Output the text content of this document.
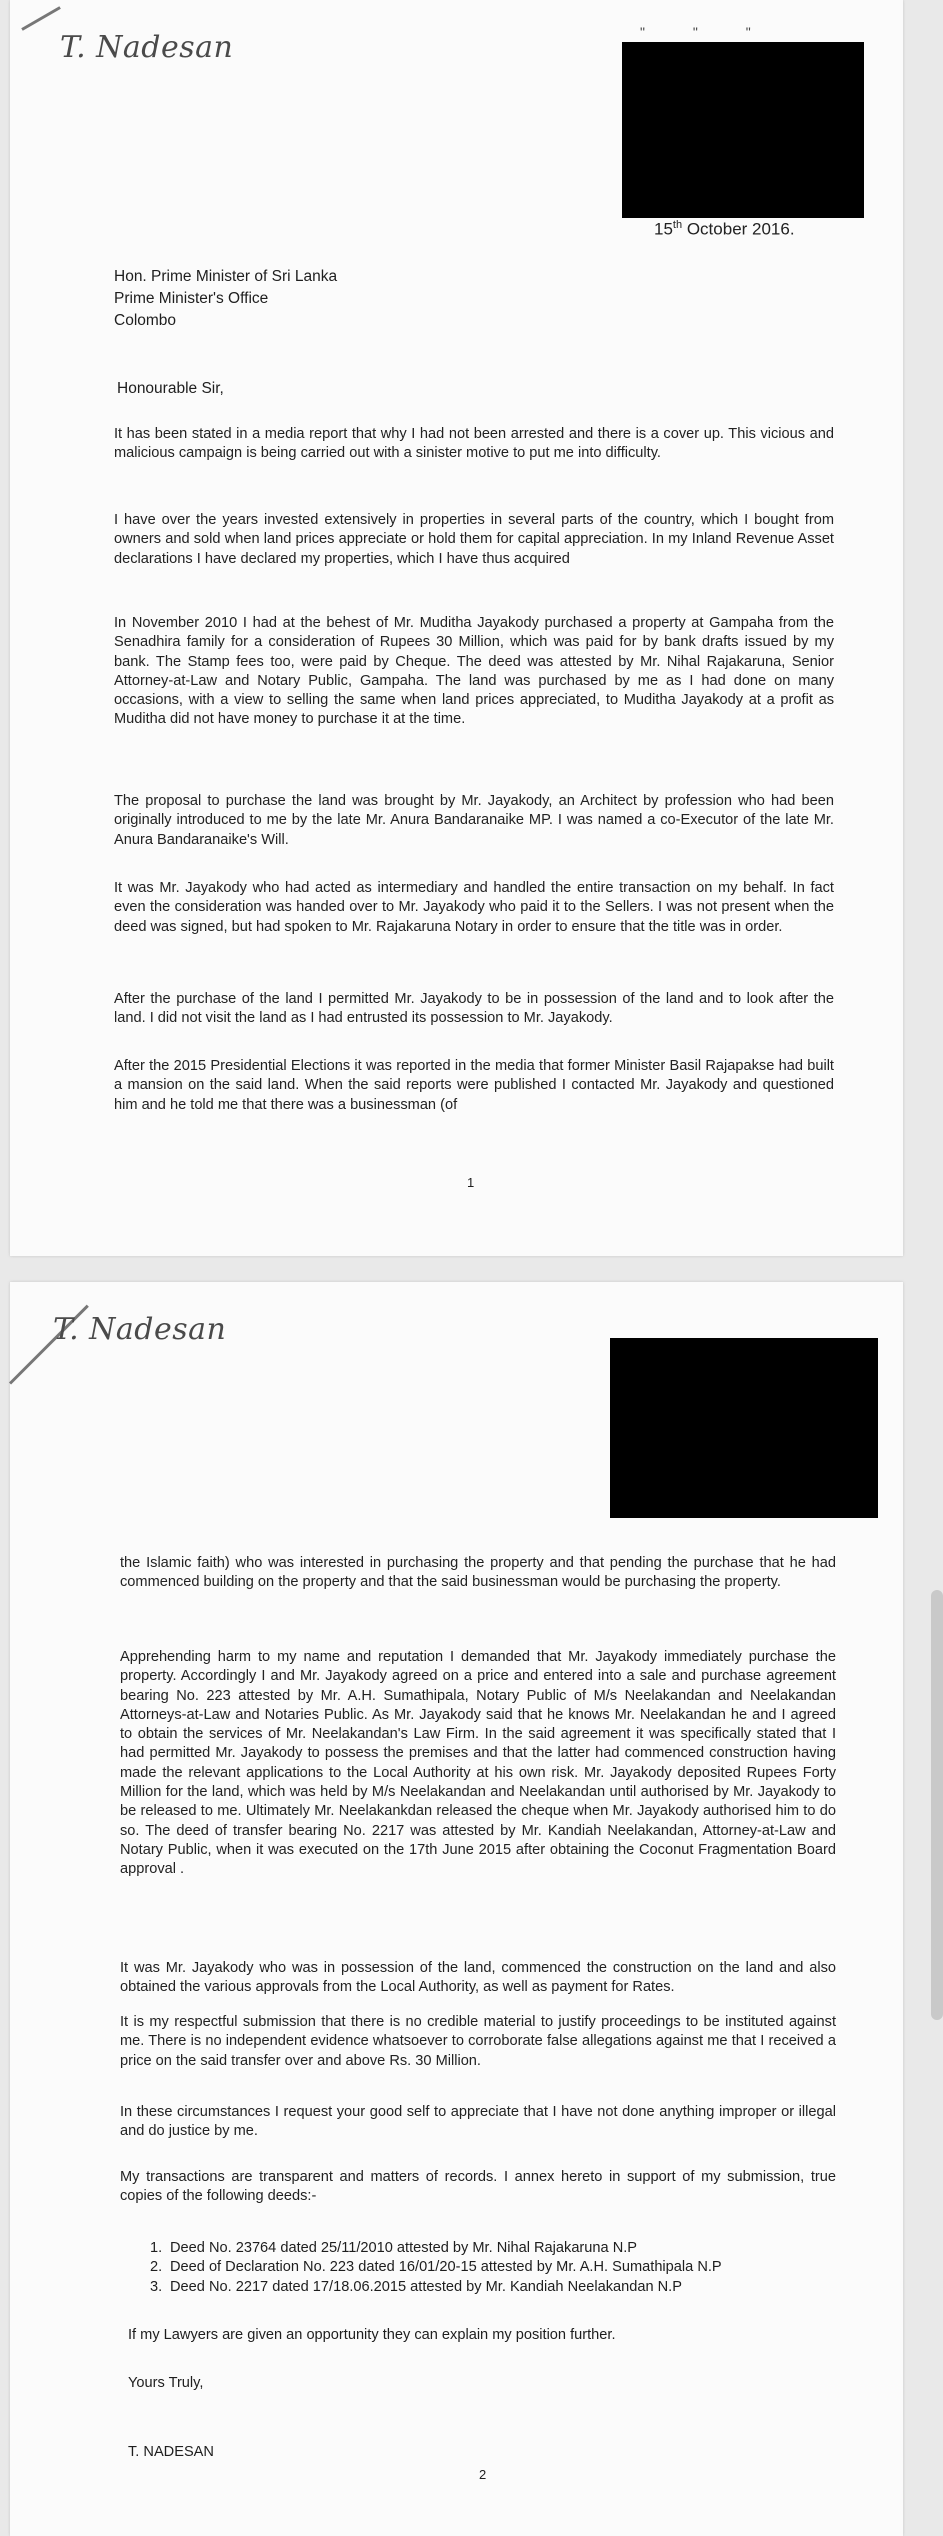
T. Nadesan	" " "
15th October 2016.
Hon. Prime Minister of Sri Lanka
Prime Minister's Office
Colombo
Honourable Sir,
It has been stated in a media report that why I had not been arrested and there is a cover up. This vicious and malicious campaign is being carried out with a sinister motive to put me into difficulty.
I have over the years invested extensively in properties in several parts of the country, which I bought from owners and sold when land prices appreciate or hold them for capital appreciation. In my Inland Revenue Asset declarations I have declared my properties, which I have thus acquired
In November 2010 I had at the behest of Mr. Muditha Jayakody purchased a property at Gampaha from the Senadhira family for a consideration of Rupees 30 Million, which was paid for by bank drafts issued by my bank. The Stamp fees too, were paid by Cheque. The deed was attested by Mr. Nihal Rajakaruna, Senior Attorney-at-Law and Notary Public, Gampaha. The land was purchased by me as I had done on many occasions, with a view to selling the same when land prices appreciated, to Muditha Jayakody at a profit as Muditha did not have money to purchase it at the time.
The proposal to purchase the land was brought by Mr. Jayakody, an Architect by profession who had been originally introduced to me by the late Mr. Anura Bandaranaike MP. I was named a co-Executor of the late Mr. Anura Bandaranaike's Will.
It was Mr. Jayakody who had acted as intermediary and handled the entire transaction on my behalf. In fact even the consideration was handed over to Mr. Jayakody who paid it to the Sellers. I was not present when the deed was signed, but had spoken to Mr. Rajakaruna Notary in order to ensure that the title was in order.
After the purchase of the land I permitted Mr. Jayakody to be in possession of the land and to look after the land. I did not visit the land as I had entrusted its possession to Mr. Jayakody.
After the 2015 Presidential Elections it was reported in the media that former Minister Basil Rajapakse had built a mansion on the said land. When the said reports were published I contacted Mr. Jayakody and questioned him and he told me that there was a businessman (of
1
T. Nadesan
the Islamic faith) who was interested in purchasing the property and that pending the purchase that he had commenced building on the property and that the said businessman would be purchasing the property.
Apprehending harm to my name and reputation I demanded that Mr. Jayakody immediately purchase the property. Accordingly I and Mr. Jayakody agreed on a price and entered into a sale and purchase agreement bearing No. 223 attested by Mr. A.H. Sumathipala, Notary Public of M/s Neelakandan and Neelakandan Attorneys-at-Law and Notaries Public. As Mr. Jayakody said that he knows Mr. Neelakandan he and I agreed to obtain the services of Mr. Neelakandan's Law Firm. In the said agreement it was specifically stated that I had permitted Mr. Jayakody to possess the premises and that the latter had commenced construction having made the relevant applications to the Local Authority at his own risk. Mr. Jayakody deposited Rupees Forty Million for the land, which was held by M/s Neelakandan and Neelakandan until authorised by Mr. Jayakody to be released to me. Ultimately Mr. Neelakankdan released the cheque when Mr. Jayakody authorised him to do so. The deed of transfer bearing No. 2217 was attested by Mr. Kandiah Neelakandan, Attorney-at-Law and Notary Public, when it was executed on the 17th June 2015 after obtaining the Coconut Fragmentation Board approval .
It was Mr. Jayakody who was in possession of the land, commenced the construction on the land and also obtained the various approvals from the Local Authority, as well as payment for Rates.
It is my respectful submission that there is no credible material to justify proceedings to be instituted against me. There is no independent evidence whatsoever to corroborate false allegations against me that I received a price on the said transfer over and above Rs. 30 Million.
In these circumstances I request your good self to appreciate that I have not done anything improper or illegal and do justice by me.
My transactions are transparent and matters of records. I annex hereto in support of my submission, true copies of the following deeds:-
1. Deed No. 23764 dated 25/11/2010 attested by Mr. Nihal Rajakaruna N.P
2. Deed of Declaration No. 223 dated 16/01/20-15 attested by Mr. A.H. Sumathipala N.P
3. Deed No. 2217 dated 17/18.06.2015 attested by Mr. Kandiah Neelakandan N.P
If my Lawyers are given an opportunity they can explain my position further.
Yours Truly,
T. NADESAN
2
